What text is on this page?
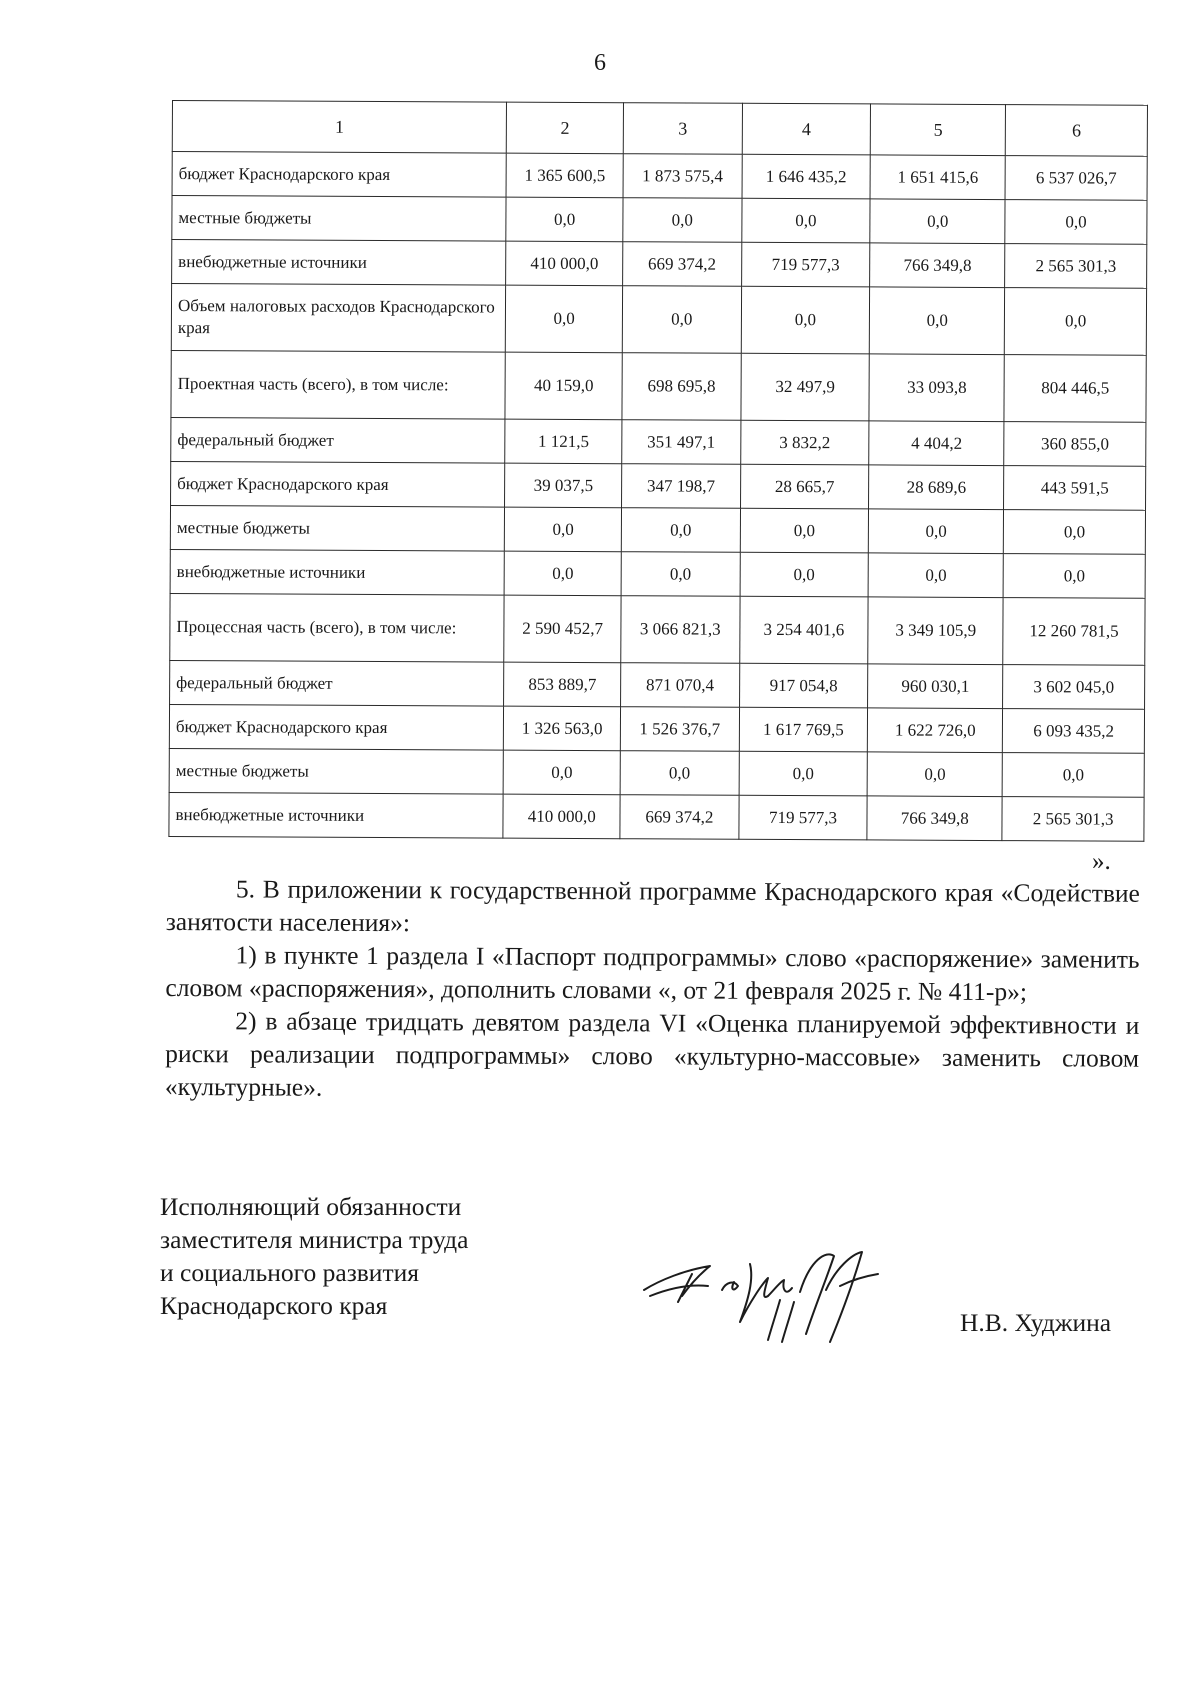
6
1	2	3	4	5	6
бюджет Краснодарского края	1 365 600,5	1 873 575,4	1 646 435,2	1 651 415,6	6 537 026,7
местные бюджеты	0,0	0,0	0,0	0,0	0,0
внебюджетные источники	410 000,0	669 374,2	719 577,3	766 349,8	2 565 301,3
Объем налоговых расходов Краснодарского края	0,0	0,0	0,0	0,0	0,0
Проектная часть (всего), в том числе:	40 159,0	698 695,8	32 497,9	33 093,8	804 446,5
федеральный бюджет	1 121,5	351 497,1	3 832,2	4 404,2	360 855,0
бюджет Краснодарского края	39 037,5	347 198,7	28 665,7	28 689,6	443 591,5
местные бюджеты	0,0	0,0	0,0	0,0	0,0
внебюджетные источники	0,0	0,0	0,0	0,0	0,0
Процессная часть (всего), в том числе:	2 590 452,7	3 066 821,3	3 254 401,6	3 349 105,9	12 260 781,5
федеральный бюджет	853 889,7	871 070,4	917 054,8	960 030,1	3 602 045,0
бюджет Краснодарского края	1 326 563,0	1 526 376,7	1 617 769,5	1 622 726,0	6 093 435,2
местные бюджеты	0,0	0,0	0,0	0,0	0,0
внебюджетные источники	410 000,0	669 374,2	719 577,3	766 349,8	2 565 301,3
».

5. В приложении к государственной программе Краснодарского края «Содействие занятости населения»:

1) в пункте 1 раздела I «Паспорт подпрограммы» слово «распоряжение» заменить словом «распоряжения», дополнить словами «, от 21 февраля 2025 г. № 411-р»;

2) в абзаце тридцать девятом раздела VI «Оценка планируемой эффективности и риски реализации подпрограммы» слово «культурно-массовые» заменить словом «культурные».

Исполняющий обязанности
заместителя министра труда
и социального развития
Краснодарского края
Н.В. Худжина
